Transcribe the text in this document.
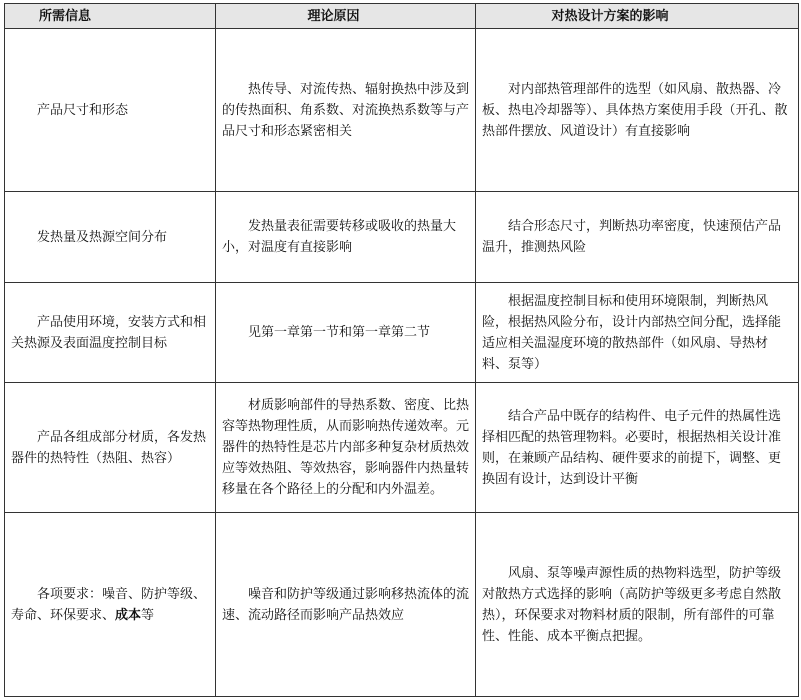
所需信息	理论原因	对热设计方案的影响

产品尺寸和形态	热传导、对流传热、辐射换热中涉及到的传热面积、角系数、对流换热系数等与产品尺寸和形态紧密相关	对内部热管理部件的选型（如风扇、散热器、冷板、热电冷却器等）、具体热方案使用手段（开孔、散热部件摆放、风道设计）有直接影响

发热量及热源空间分布	发热量表征需要转移或吸收的热量大小，对温度有直接影响	结合形态尺寸，判断热功率密度，快速预估产品温升，推测热风险

产品使用环境，安装方式和相关热源及表面温度控制目标	见第一章第一节和第一章第二节	根据温度控制目标和使用环境限制，判断热风险，根据热风险分布，设计内部热空间分配，选择能适应相关温湿度环境的散热部件（如风扇、导热材料、泵等）

产品各组成部分材质，各发热器件的热特性（热阻、热容）	材质影响部件的导热系数、密度、比热容等热物理性质，从而影响热传递效率。元器件的热特性是芯片内部多种复杂材质热效应等效热阻、等效热容，影响器件内热量转移量在各个路径上的分配和内外温差。	结合产品中既存的结构件、电子元件的热属性选择相匹配的热管理物料。必要时，根据热相关设计准则，在兼顾产品结构、硬件要求的前提下，调整、更换固有设计，达到设计平衡

各项要求：噪音、防护等级、寿命、环保要求、成本等	噪音和防护等级通过影响移热流体的流速、流动路径而影响产品热效应	风扇、泵等噪声源性质的热物料选型，防护等级对散热方式选择的影响（高防护等级更多考虑自然散热），环保要求对物料材质的限制，所有部件的可靠性、性能、成本平衡点把握。
